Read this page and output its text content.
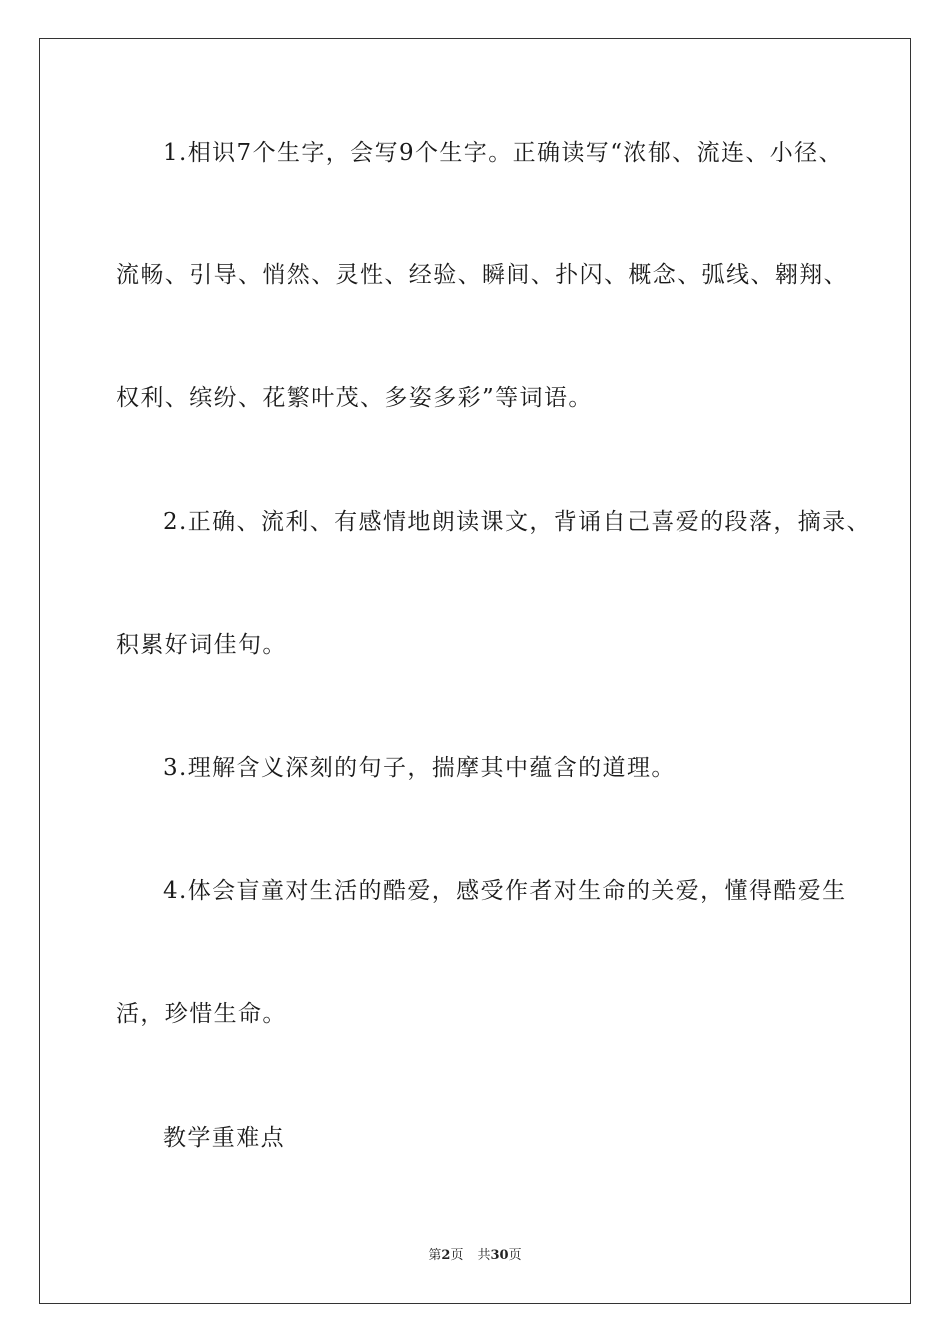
1.相识7个生字，会写9个生字。正确读写“浓郁、流连、小径、
流畅、引导、悄然、灵性、经验、瞬间、扑闪、概念、弧线、翱翔、
权利、缤纷、花繁叶茂、多姿多彩”等词语。
2.正确、流利、有感情地朗读课文，背诵自己喜爱的段落，摘录、
积累好词佳句。
3.理解含义深刻的句子，揣摩其中蕴含的道理。
4.体会盲童对生活的酷爱，感受作者对生命的关爱，懂得酷爱生
活，珍惜生命。
教学重难点
第2页 共30页
